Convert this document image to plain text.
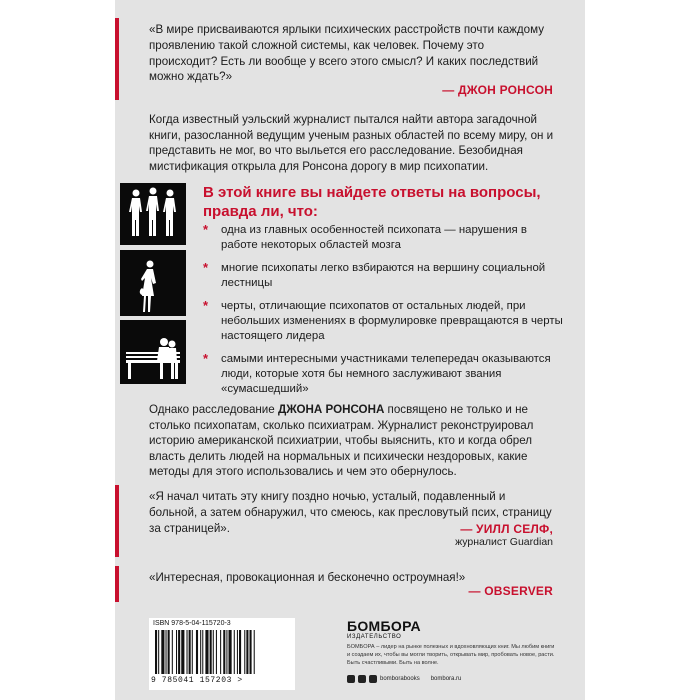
«В мире присваиваются ярлыки психических расстройств почти каждому проявлению такой сложной системы, как человек. Почему это происходит? Есть ли вообще у всего этого смысл? И каких последствий можно ждать?»
— ДЖОН РОНСОН
Когда известный уэльский журналист пытался найти автора загадочной книги, разосланной ведущим ученым разных областей по всему миру, он и представить не мог, во что выльется его расследование. Безобидная мистификация открыла для Ронсона дорогу в мир психопатии.
В этой книге вы найдете ответы на вопросы, правда ли, что:
* одна из главных особенностей психопата — нарушения в работе некоторых областей мозга
* многие психопаты легко взбираются на вершину социальной лестницы
* черты, отличающие психопатов от остальных людей, при небольших изменениях в формулировке превращаются в черты настоящего лидера
* самыми интересными участниками телепередач оказываются люди, которые хотя бы немного заслуживают звания «сумасшедший»
Однако расследование ДЖОНА РОНСОНА посвящено не только и не столько психопатам, сколько психиатрам. Журналист реконструировал историю американской психиатрии, чтобы выяснить, кто и когда обрел власть делить людей на нормальных и психически нездоровых, какие методы для этого использовались и чем это обернулось.
«Я начал читать эту книгу поздно ночью, усталый, подавленный и больной, а затем обнаружил, что смеюсь, как пресловутый псих, страницу за страницей».	— УИЛЛ СЕЛФ,
журналист Guardian
«Интересная, провокационная и бесконечно остроумная!»
— OBSERVER
ISBN 978-5-04-115720-3
9 785041 157203 >
БОМБОРА
ИЗДАТЕЛЬСТВО
БОМБОРА – лидер на рынке полезных и вдохновляющих книг. Мы любим книги и создаем их, чтобы вы могли творить, открывать мир, пробовать новое, расти. Быть счастливыми. Быть на волне.
bomborabooks bombora.ru
